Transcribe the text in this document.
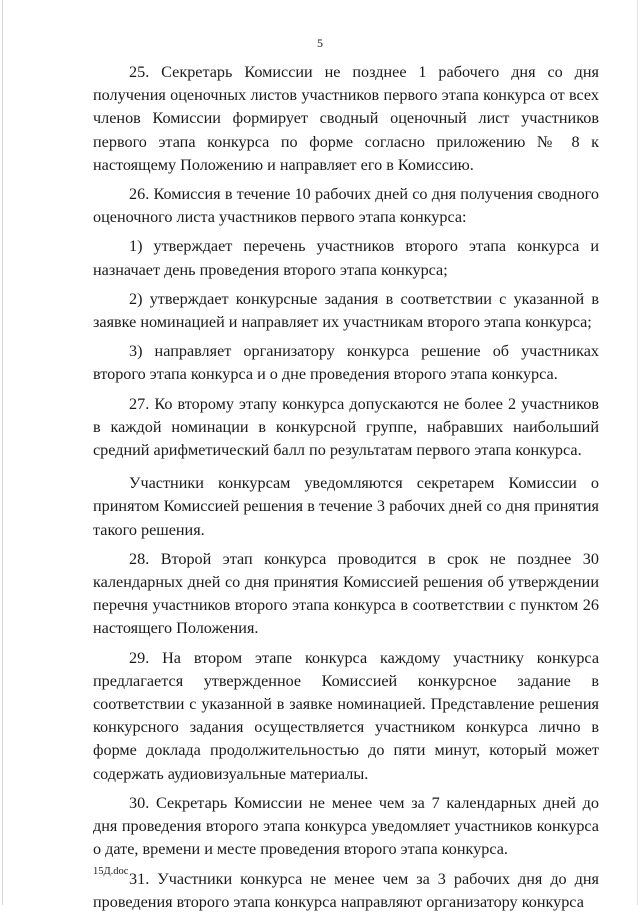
5

25. Секретарь Комиссии не позднее 1 рабочего дня со дня получения оценочных листов участников первого этапа конкурса от всех членов Комиссии формирует сводный оценочный лист участников первого этапа конкурса по форме согласно приложению № 8 к настоящему Положению и направляет его в Комиссию.

26. Комиссия в течение 10 рабочих дней со дня получения сводного оценочного листа участников первого этапа конкурса:

1) утверждает перечень участников второго этапа конкурса и назначает день проведения второго этапа конкурса;

2) утверждает конкурсные задания в соответствии с указанной в заявке номинацией и направляет их участникам второго этапа конкурса;

3) направляет организатору конкурса решение об участниках второго этапа конкурса и о дне проведения второго этапа конкурса.

27. Ко второму этапу конкурса допускаются не более 2 участников в каждой номинации в конкурсной группе, набравших наибольший средний арифметический балл по результатам первого этапа конкурса.

Участники конкурсам уведомляются секретарем Комиссии о принятом Комиссией решения в течение 3 рабочих дней со дня принятия такого решения.

28. Второй этап конкурса проводится в срок не позднее 30 календарных дней со дня принятия Комиссией решения об утверждении перечня участников второго этапа конкурса в соответствии с пунктом 26 настоящего Положения.

29. На втором этапе конкурса каждому участнику конкурса предлагается утвержденное Комиссией конкурсное задание в соответствии с указанной в заявке номинацией. Представление решения конкурсного задания осуществляется участником конкурса лично в форме доклада продолжительностью до пяти минут, который может содержать аудиовизуальные материалы.

30. Секретарь Комиссии не менее чем за 7 календарных дней до дня проведения второго этапа конкурса уведомляет участников конкурса о дате, времени и месте проведения второго этапа конкурса.

31. Участники конкурса не менее чем за 3 рабочих дня до дня проведения второго этапа конкурса направляют организатору конкурса

15Д.doc
